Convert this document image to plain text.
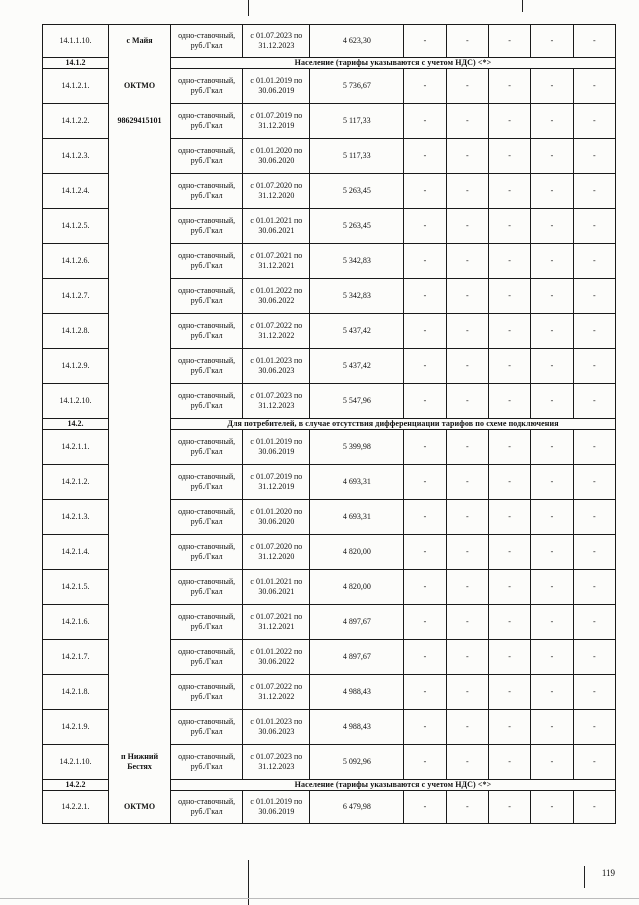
14.1.1.10.	с Майя	одно-ставочный, руб./Гкал	с 01.07.2023 по 31.12.2023	4 623,30	-	-	-	-	-
14.1.2		Население (тарифы указываются с учетом НДС) <*>							
14.1.2.1.	ОКТМО	одно-ставочный, руб./Гкал	с 01.01.2019 по 30.06.2019	5 736,67	-	-	-	-	-
14.1.2.2.	98629415101	одно-ставочный, руб./Гкал	с 01.07.2019 по 31.12.2019	5 117,33	-	-	-	-	-
14.1.2.3.		одно-ставочный, руб./Гкал	с 01.01.2020 по 30.06.2020	5 117,33	-	-	-	-	-
14.1.2.4.		одно-ставочный, руб./Гкал	с 01.07.2020 по 31.12.2020	5 263,45	-	-	-	-	-
14.1.2.5.		одно-ставочный, руб./Гкал	с 01.01.2021 по 30.06.2021	5 263,45	-	-	-	-	-
14.1.2.6.		одно-ставочный, руб./Гкал	с 01.07.2021 по 31.12.2021	5 342,83	-	-	-	-	-
14.1.2.7.		одно-ставочный, руб./Гкал	с 01.01.2022 по 30.06.2022	5 342,83	-	-	-	-	-
14.1.2.8.		одно-ставочный, руб./Гкал	с 01.07.2022 по 31.12.2022	5 437,42	-	-	-	-	-
14.1.2.9.		одно-ставочный, руб./Гкал	с 01.01.2023 по 30.06.2023	5 437,42	-	-	-	-	-
14.1.2.10.		одно-ставочный, руб./Гкал	с 01.07.2023 по 31.12.2023	5 547,96	-	-	-	-	-
14.2.		Для потребителей, в случае отсутствия дифференциации тарифов по схеме подключения							
14.2.1.1.		одно-ставочный, руб./Гкал	с 01.01.2019 по 30.06.2019	5 399,98	-	-	-	-	-
14.2.1.2.		одно-ставочный, руб./Гкал	с 01.07.2019 по 31.12.2019	4 693,31	-	-	-	-	-
14.2.1.3.		одно-ставочный, руб./Гкал	с 01.01.2020 по 30.06.2020	4 693,31	-	-	-	-	-
14.2.1.4.		одно-ставочный, руб./Гкал	с 01.07.2020 по 31.12.2020	4 820,00	-	-	-	-	-
14.2.1.5.		одно-ставочный, руб./Гкал	с 01.01.2021 по 30.06.2021	4 820,00	-	-	-	-	-
14.2.1.6.		одно-ставочный, руб./Гкал	с 01.07.2021 по 31.12.2021	4 897,67	-	-	-	-	-
14.2.1.7.		одно-ставочный, руб./Гкал	с 01.01.2022 по 30.06.2022	4 897,67	-	-	-	-	-
14.2.1.8.		одно-ставочный, руб./Гкал	с 01.07.2022 по 31.12.2022	4 988,43	-	-	-	-	-
14.2.1.9.		одно-ставочный, руб./Гкал	с 01.01.2023 по 30.06.2023	4 988,43	-	-	-	-	-
14.2.1.10.	п Нижний Бестях	одно-ставочный, руб./Гкал	с 01.07.2023 по 31.12.2023	5 092,96	-	-	-	-	-
14.2.2		Население (тарифы указываются с учетом НДС) <*>							
14.2.2.1.	ОКТМО	одно-ставочный, руб./Гкал	с 01.01.2019 по 30.06.2019	6 479,98	-	-	-	-	-
119
